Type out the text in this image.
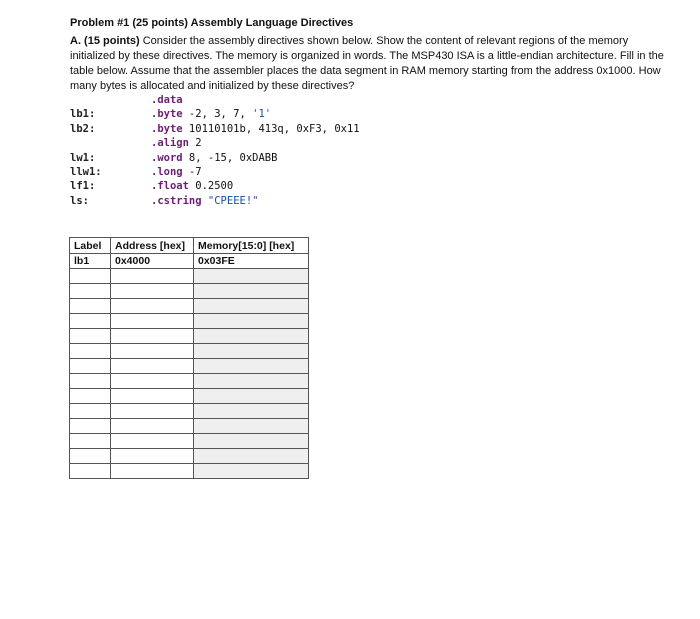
Problem #1 (25 points) Assembly Language Directives
A. (15 points) Consider the assembly directives shown below. Show the content of relevant regions of the memory initialized by these directives. The memory is organized in words. The MSP430 ISA is a little-endian architecture. Fill in the table below. Assume that the assembler places the data segment in RAM memory starting from the address 0x1000. How many bytes is allocated and initialized by these directives?
.data
lb1:	.byte -2, 3, 7, '1'
lb2:	.byte 10110101b, 413q, 0xF3, 0x11
.align 2
lw1:	.word 8, -15, 0xDABB
llw1:	.long -7
lf1:	.float 0.2500
ls:	.cstring "CPEEE!"
Label	Address [hex]	Memory[15:0] [hex]
lb1	0x4000	0x03FE
